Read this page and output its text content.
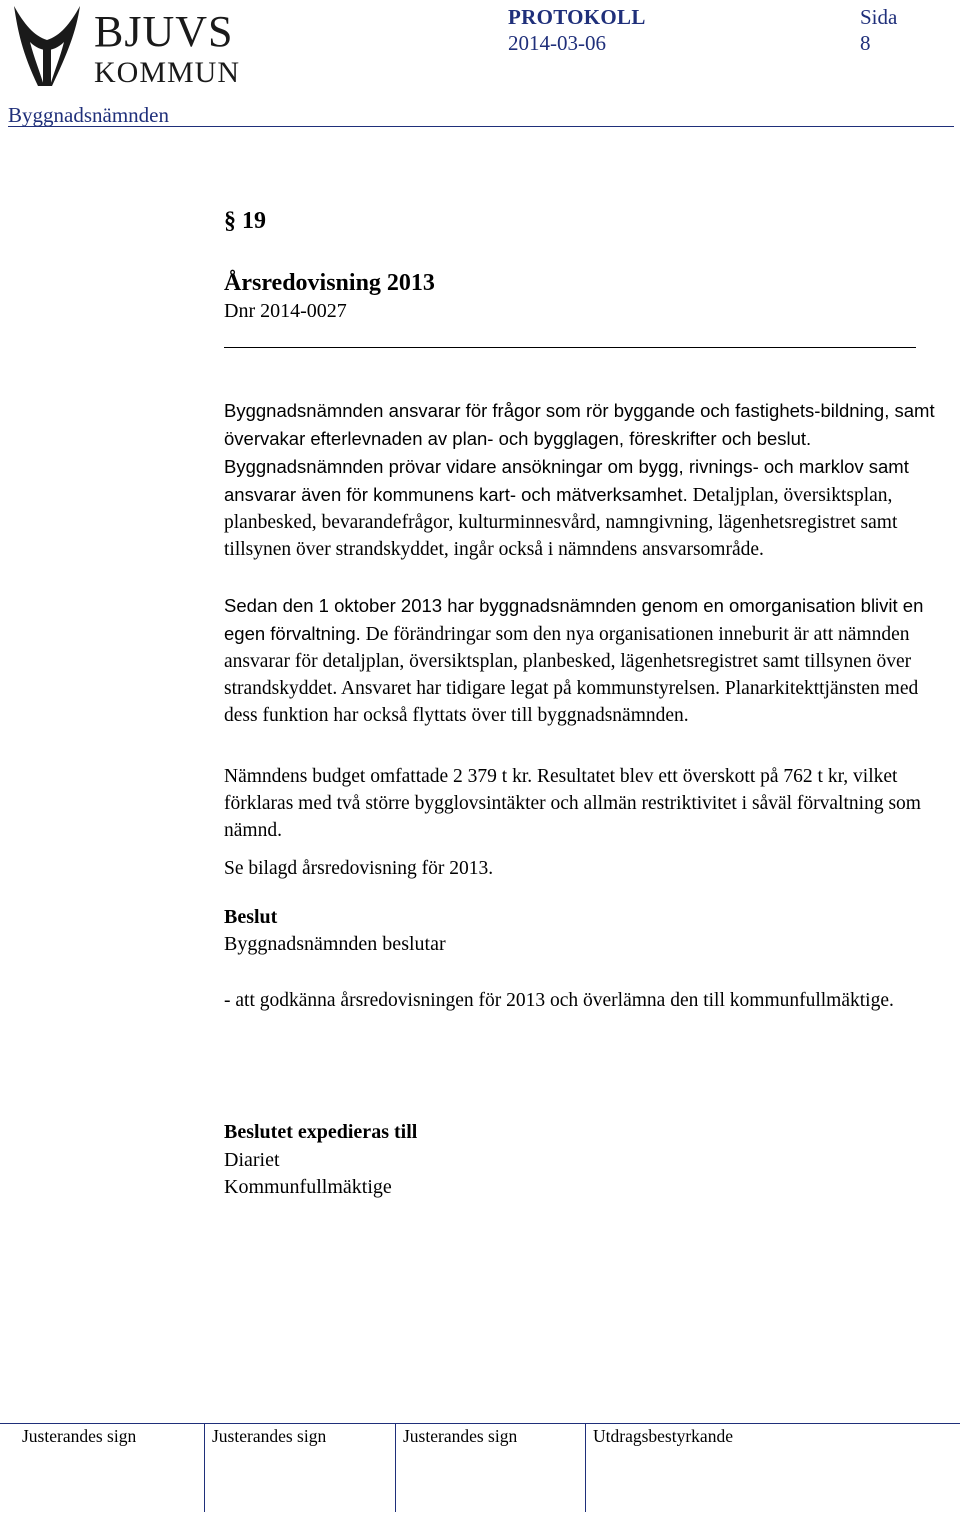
BJUVS
KOMMUN
PROTOKOLL
2014-03-06
Sida
8
Byggnadsnämnden
§ 19
Årsredovisning 2013
Dnr 2014-0027

Byggnadsnämnden ansvarar för frågor som rör byggande och fastighets-bildning, samt övervakar efterlevnaden av plan- och bygglagen, föreskrifter och beslut. Byggnadsnämnden prövar vidare ansökningar om bygg, rivnings- och marklov samt ansvarar även för kommunens kart- och mätverksamhet. Detaljplan, översiktsplan, planbesked, bevarandefrågor, kulturminnesvård, namngivning, lägenhetsregistret samt tillsynen över strandskyddet, ingår också i nämndens ansvarsområde.

Sedan den 1 oktober 2013 har byggnadsnämnden genom en omorganisation blivit en egen förvaltning. De förändringar som den nya organisationen inneburit är att nämnden ansvarar för detaljplan, översiktsplan, planbesked, lägenhetsregistret samt tillsynen över strandskyddet. Ansvaret har tidigare legat på kommunstyrelsen. Planarkitekttjänsten med dess funktion har också flyttats över till byggnadsnämnden.

Nämndens budget omfattade 2 379 t kr. Resultatet blev ett överskott på 762 t kr, vilket förklaras med två större bygglovsintäkter och allmän restriktivitet i såväl förvaltning som nämnd.

Se bilagd årsredovisning för 2013.

Beslut
Byggnadsnämnden beslutar

- att godkänna årsredovisningen för 2013 och överlämna den till kommunfullmäktige.

Beslutet expedieras till
Diariet
Kommunfullmäktige
Justerandes sign	Justerandes sign	Justerandes sign	Utdragsbestyrkande
